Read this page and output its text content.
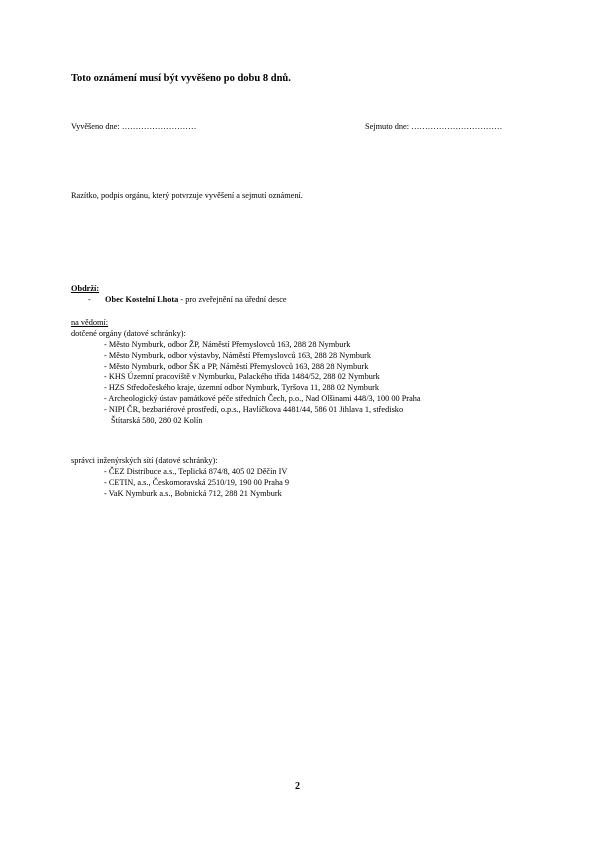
Toto oznámení musí být vyvěšeno po dobu 8 dnů.
Vyvěšeno dne: ………………………	Sejmuto dne: ……………………………
Razítko, podpis orgánu, který potvrzuje vyvěšení a sejmutí oznámení.
Obdrží:
- Obec Kostelní Lhota - pro zveřejnění na úřední desce
na vědomí:
dotčené orgány (datové schránky):
- Město Nymburk, odbor ŽP, Náměstí Přemyslovců 163, 288 28 Nymburk
- Město Nymburk, odbor výstavby, Náměstí Přemyslovců 163, 288 28 Nymburk
- Město Nymburk, odbor ŠK a PP, Náměstí Přemyslovců 163, 288 28 Nymburk
- KHS Územní pracoviště v Nymburku, Palackého třída 1484/52, 288 02 Nymburk
- HZS Středočeského kraje, územní odbor Nymburk, Tyršova 11, 288 02 Nymburk
- Archeologický ústav památkové péče středních Čech, p.o., Nad Olšinami 448/3, 100 00 Praha
- NIPI ČR, bezbariérové prostředí, o.p.s., Havlíčkova 4481/44, 586 01 Jihlava 1, středisko
Štítarská 580, 280 02 Kolín
správci inženýrských sítí (datové schránky):
- ČEZ Distribuce a.s., Teplická 874/8, 405 02 Děčín IV
- CETIN, a.s., Českomoravská 2510/19, 190 00 Praha 9
- VaK Nymburk a.s., Bobnická 712, 288 21 Nymburk
2
